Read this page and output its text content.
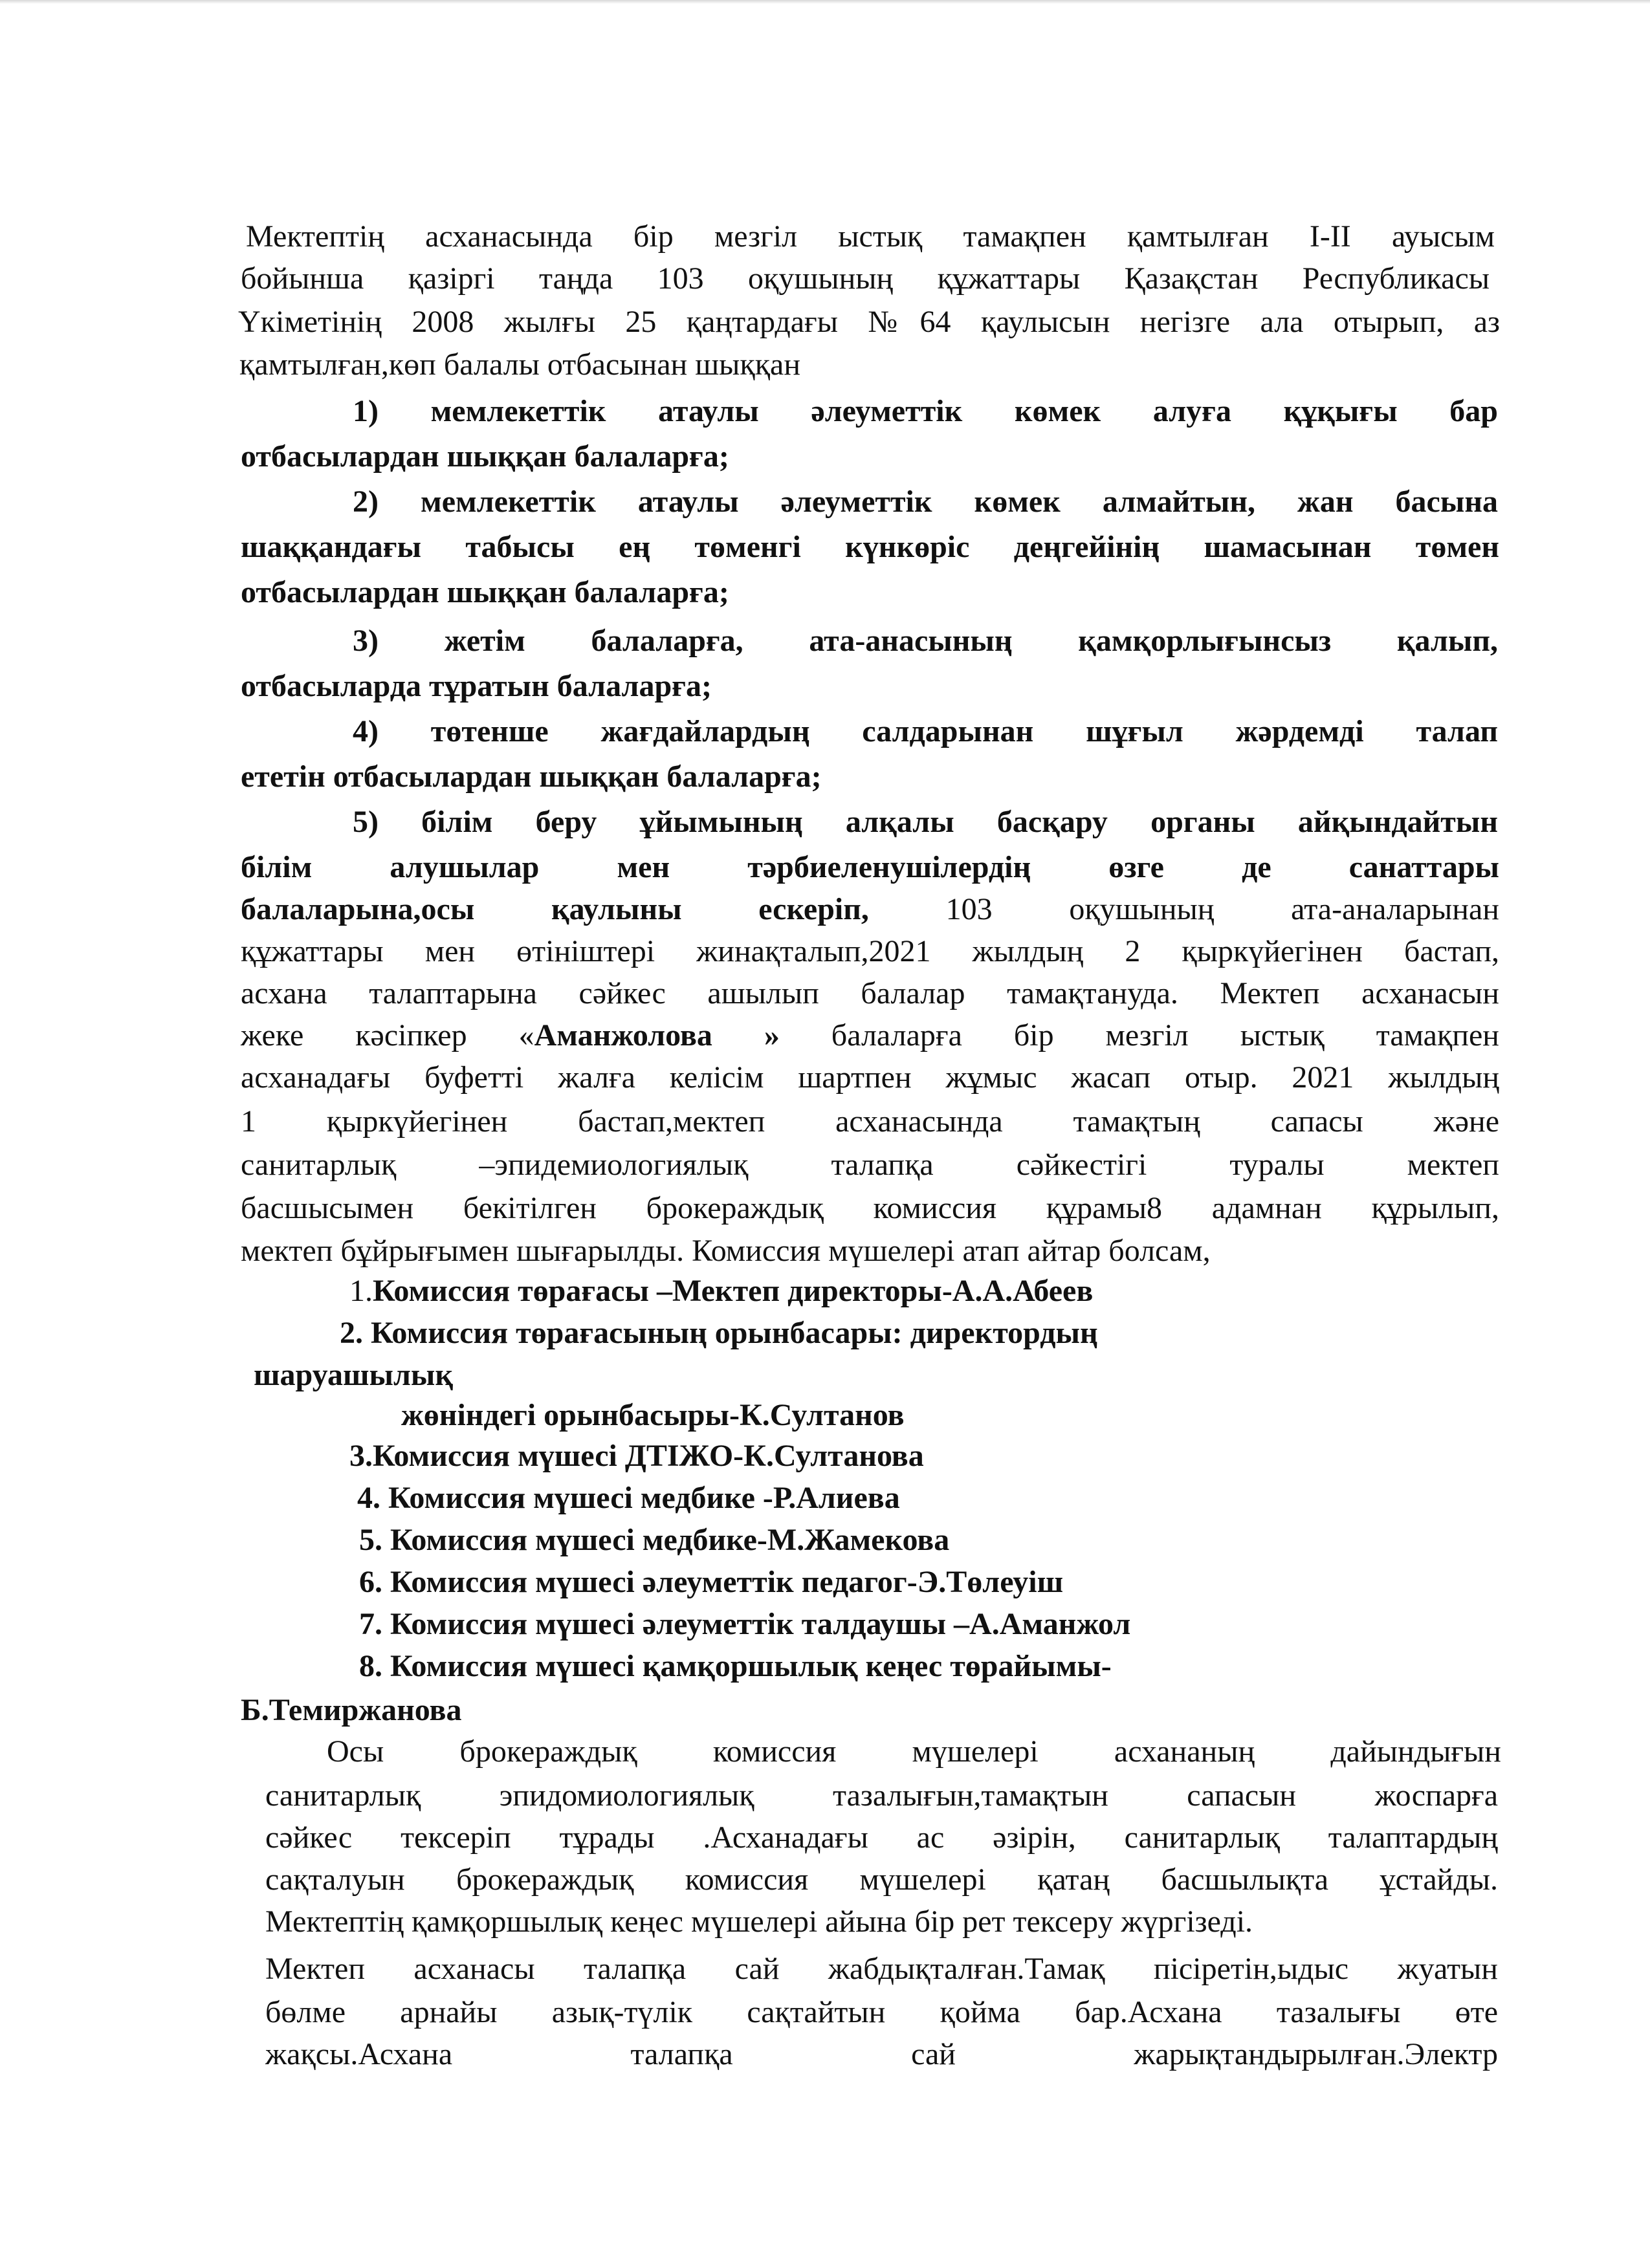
Мектептің асханасында бір мезгіл ыстық тамақпен қамтылған I-II ауысым
бойынша қазіргі таңда 103 оқушының құжаттары Қазақстан Республикасы
Үкіметінің 2008 жылғы 25 қаңтардағы №64 қаулысын негізге ала отырып, аз
қамтылған,көп балалы отбасынан шыққан
1) мемлекеттік атаулы әлеуметтік көмек алуға құқығы бар
отбасылардан шыққан балаларға;
2) мемлекеттік атаулы әлеуметтік көмек алмайтын, жан басына
шаққандағы табысы ең төменгі күнкөріс деңгейінің шамасынан төмен
отбасылардан шыққан балаларға;
3) жетім балаларға, ата-анасының қамқорлығынсыз қалып,
отбасыларда тұратын балаларға;
4) төтенше жағдайлардың салдарынан шұғыл жәрдемді талап
ететін отбасылардан шыққан балаларға;
5) білім беру ұйымының алқалы басқару органы айқындайтын
білім алушылар мен тәрбиеленушілердің өзге де санаттары
балаларына,осы қаулыны ескеріп, 103 оқушының ата-аналарынан
құжаттары мен өтініштері жинақталып,2021 жылдың 2 қыркүйегінен бастап,
асхана талаптарына сәйкес ашылып балалар тамақтануда. Мектеп асханасын
жеке кәсіпкер «Аманжолова » балаларға бір мезгіл ыстық тамақпен
асханадағы буфетті жалға келісім шартпен жұмыс жасап отыр. 2021 жылдың
1 қыркүйегінен бастап,мектеп асханасында тамақтың сапасы және
санитарлық –эпидемиологиялық талапқа сәйкестігі туралы мектеп
басшысымен бекітілген брокераждық комиссия құрамы8 адамнан құрылып,
мектеп бұйрығымен шығарылды. Комиссия мүшелері атап айтар болсам,
1.Комиссия төрағасы –Мектеп директоры-А.А.Абеев
2. Комиссия төрағасының орынбасары: директордың
шаруашылық
жөніндегі орынбасыры-К.Султанов
3.Комиссия мүшесі ДТІЖО-К.Султанова
4. Комиссия мүшесі медбике -Р.Алиева
5. Комиссия мүшесі медбике-М.Жамекова
6. Комиссия мүшесі әлеуметтік педагог-Э.Төлеуіш
7. Комиссия мүшесі әлеуметтік талдаушы –А.Аманжол
8. Комиссия мүшесі қамқоршылық кеңес төрайымы-
Б.Темиржанова
Осы брокераждық комиссия мүшелері асхананың дайындығын
санитарлық эпидомиологиялық тазалығын,тамақтын сапасын жоспарға
сәйкес тексеріп тұрады .Асханадағы ас әзірін, санитарлық талаптардың
сақталуын брокераждық комиссия мүшелері қатаң басшылықта ұстайды.
Мектептің қамқоршылық кеңес мүшелері айына бір рет тексеру жүргізеді.
Мектеп асханасы талапқа сай жабдықталған.Тамақ пісіретін,ыдыс жуатын
бөлме арнайы азық-түлік сақтайтын қойма бар.Асхана тазалығы өте
жақсы.Асхана талапқа сай жарықтандырылған.Электр
